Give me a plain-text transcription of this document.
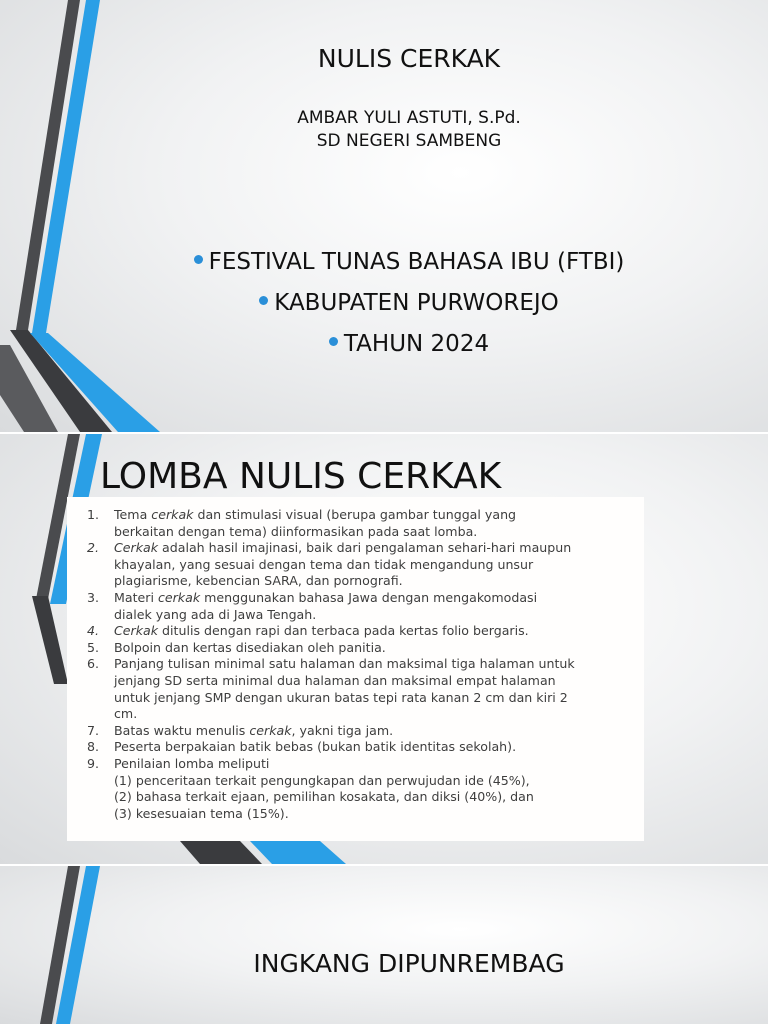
NULIS CERKAK
AMBAR YULI ASTUTI, S.Pd.
SD NEGERI SAMBENG
FESTIVAL TUNAS BAHASA IBU (FTBI)
KABUPATEN PURWOREJO
TAHUN 2024
LOMBA NULIS CERKAK
1. Tema cerkak dan stimulasi visual (berupa gambar tunggal yang
berkaitan dengan tema) diinformasikan pada saat lomba.
2. Cerkak adalah hasil imajinasi, baik dari pengalaman sehari-hari maupun
khayalan, yang sesuai dengan tema dan tidak mengandung unsur
plagiarisme, kebencian SARA, dan pornografi.
3. Materi cerkak menggunakan bahasa Jawa dengan mengakomodasi
dialek yang ada di Jawa Tengah.
4. Cerkak ditulis dengan rapi dan terbaca pada kertas folio bergaris.
5. Bolpoin dan kertas disediakan oleh panitia.
6. Panjang tulisan minimal satu halaman dan maksimal tiga halaman untuk
jenjang SD serta minimal dua halaman dan maksimal empat halaman
untuk jenjang SMP dengan ukuran batas tepi rata kanan 2 cm dan kiri 2
cm.
7. Batas waktu menulis cerkak, yakni tiga jam.
8. Peserta berpakaian batik bebas (bukan batik identitas sekolah).
9. Penilaian lomba meliputi
(1) penceritaan terkait pengungkapan dan perwujudan ide (45%),
(2) bahasa terkait ejaan, pemilihan kosakata, dan diksi (40%), dan
(3) kesesuaian tema (15%).
INGKANG DIPUNREMBAG
